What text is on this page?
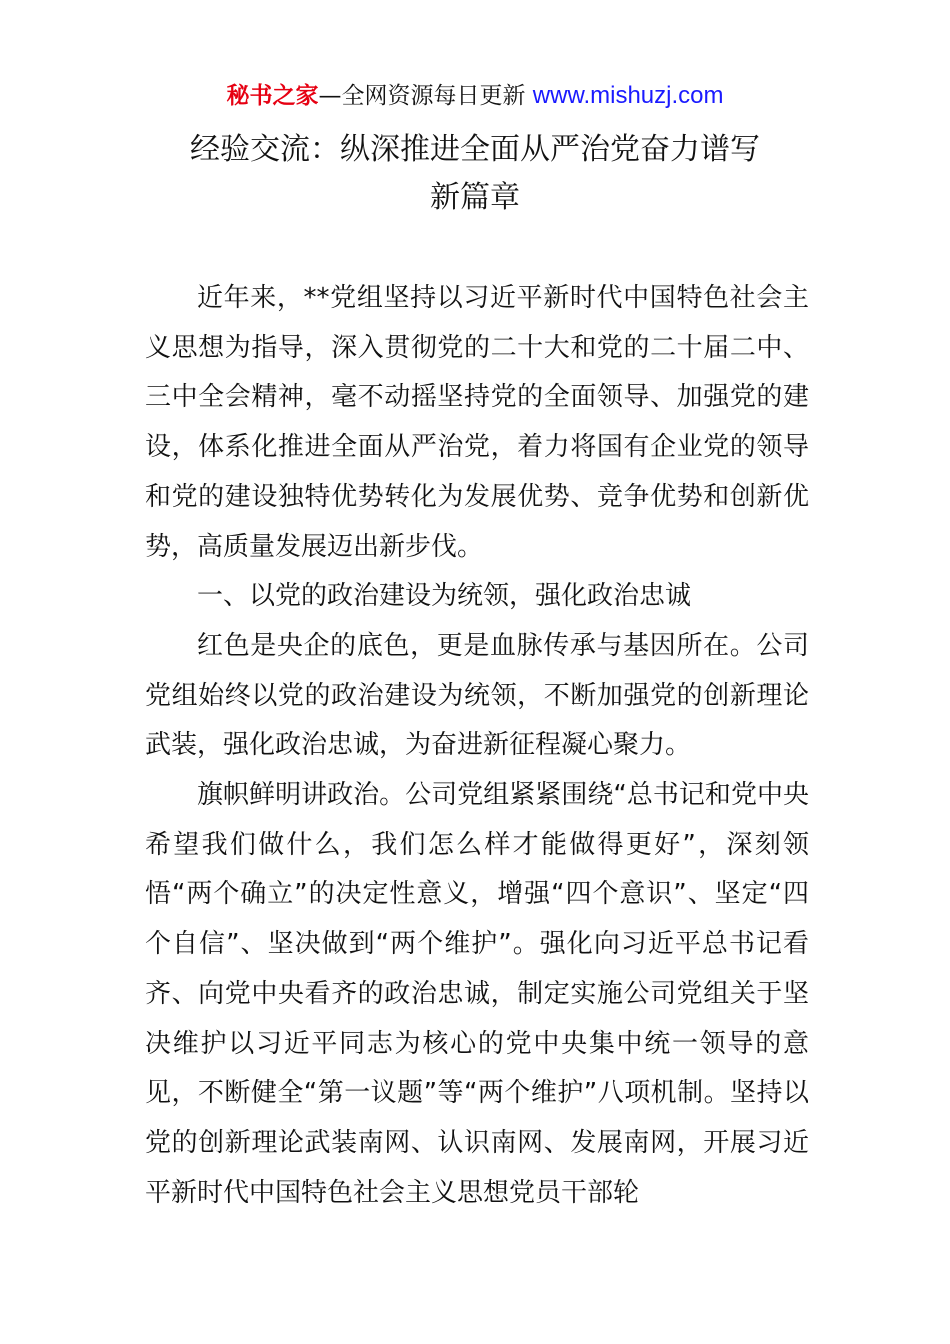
秘书之家—全网资源每日更新 www.mishuzj.com
经验交流：纵深推进全面从严治党奋力谱写
新篇章

近年来，**党组坚持以习近平新时代中国特色社会主义思想为指导，深入贯彻党的二十大和党的二十届二中、三中全会精神，毫不动摇坚持党的全面领导、加强党的建设，体系化推进全面从严治党，着力将国有企业党的领导和党的建设独特优势转化为发展优势、竞争优势和创新优势，高质量发展迈出新步伐。

一、以党的政治建设为统领，强化政治忠诚

红色是央企的底色，更是血脉传承与基因所在。公司党组始终以党的政治建设为统领，不断加强党的创新理论武装，强化政治忠诚，为奋进新征程凝心聚力。

旗帜鲜明讲政治。公司党组紧紧围绕“总书记和党中央希望我们做什么，我们怎么样才能做得更好”，深刻领悟“两个确立”的决定性意义，增强“四个意识”、坚定“四个自信”、坚决做到“两个维护”。强化向习近平总书记看齐、向党中央看齐的政治忠诚，制定实施公司党组关于坚决维护以习近平同志为核心的党中央集中统一领导的意见，不断健全“第一议题”等“两个维护”八项机制。坚持以党的创新理论武装南网、认识南网、发展南网，开展习近平新时代中国特色社会主义思想党员干部轮
